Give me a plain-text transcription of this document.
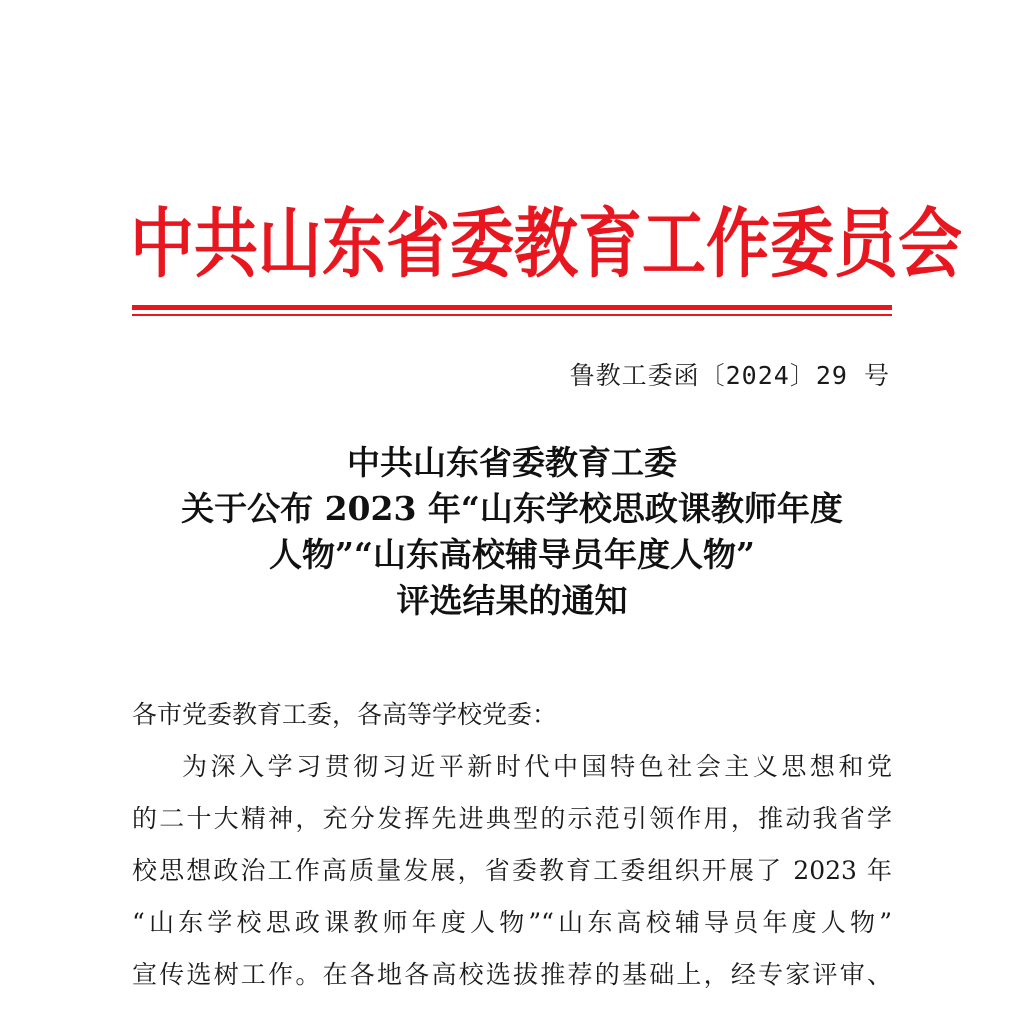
中 共 山 东 省 委 教 育 工 作 委 员 会
鲁教工委函〔2024〕29 号
中共山东省委教育工委
关于公布 2023 年“山东学校思政课教师年度
人物”“山东高校辅导员年度人物”
评选结果的通知
各市党委教育工委，各高等学校党委：
为深入学习贯彻习近平新时代中国特色社会主义思想和党
的二十大精神，充分发挥先进典型的示范引领作用，推动我省学
校思想政治工作高质量发展，省委教育工委组织开展了 2023 年
“山东学校思政课教师年度人物”“山东高校辅导员年度人物”
宣传选树工作。在各地各高校选拔推荐的基础上，经专家评审、
